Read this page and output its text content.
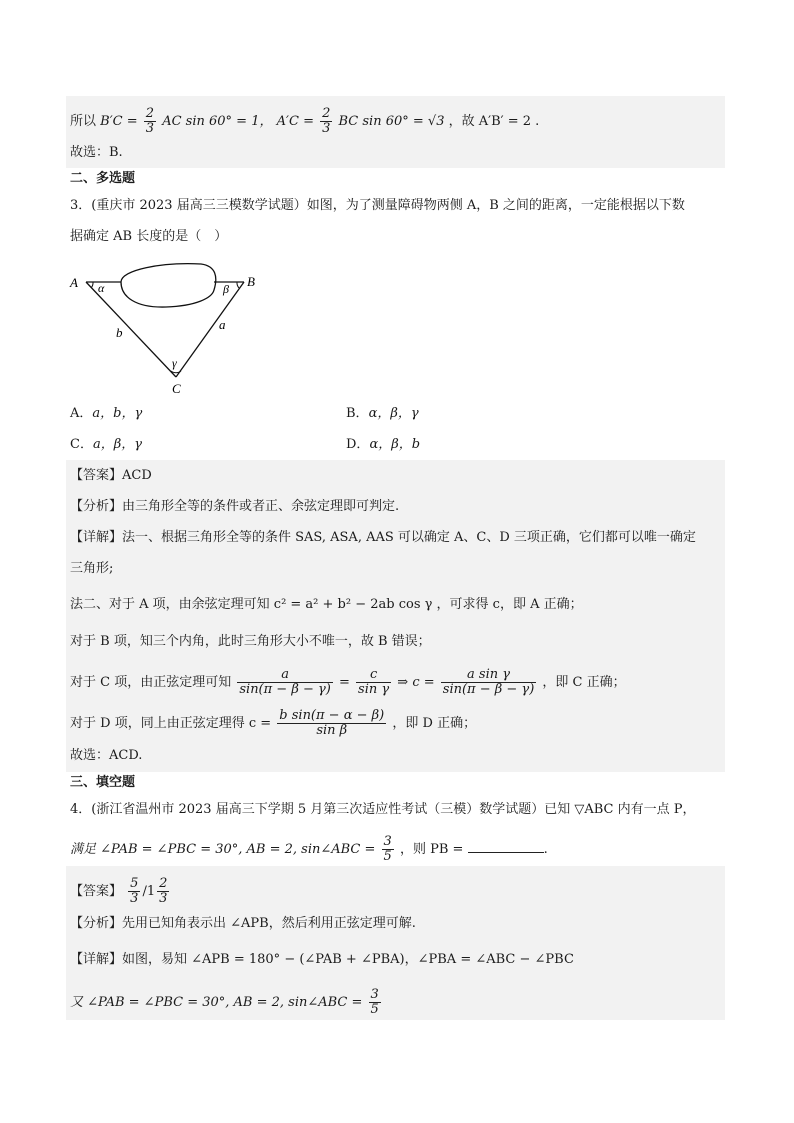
所以 $B'C = \frac{2}{3}$ AC sin 60° = 1， $A'C = \frac{2}{3}$ BC sin 60° = √3 ，故 A′B′ = 2 .
故选：B.
二、多选题
3．(重庆市 2023 届高三三模数学试题）如图，为了测量障碍物两侧 A，B 之间的距离，一定能根据以下数
据确定 AB 长度的是（　）
A	B
C
α	β
γ
b
a
A．a，b，γ	B．α，β，γ
C．a，β，γ	D．α，β，b
【答案】ACD
【分析】由三角形全等的条件或者正、余弦定理即可判定.
【详解】法一、根据三角形全等的条件 SAS, ASA, AAS 可以确定 A、C、D 三项正确，它们都可以唯一确定
三角形;
法二、对于 A 项，由余弦定理可知 c² = a² + b² − 2ab cos γ ，可求得 c，即 A 正确；
对于 B 项，知三个内角，此时三角形大小不唯一，故 B 错误；
对于 C 项，由正弦定理可知 $\frac{a}{\sin(\pi - \beta - \gamma)} = \frac{c}{\text{sin γ}}$ ⇒ $c = \frac{\text{a sin γ}}{\sin(\pi - \beta - \gamma)}$ ，即 C 正确；
对于 D 项，同上由正弦定理得 $c = \frac{\text{b sin(π − α − β)}}{\text{sin β}}$ ，即 D 正确；
故选：ACD.
三、填空题
4．(浙江省温州市 2023 届高三下学期 5 月第三次适应性考试（三模）数学试题）已知 ▽ABC 内有一点 P，
满足 ∠PAB = ∠PBC = 30°, AB = 2, sin∠ABC = $\frac{3}{5}$ ，则 PB =	.
【答案】 $\frac{5}{3} /1 \frac{2}{3}$
【分析】先用已知角表示出 ∠APB，然后利用正弦定理可解.
【详解】如图，易知 ∠APB = 180° − (∠PAB + ∠PBA)，∠PBA = ∠ABC − ∠PBC
又 ∠PAB = ∠PBC = 30°, AB = 2, sin∠ABC = $\frac{3}{5}$
